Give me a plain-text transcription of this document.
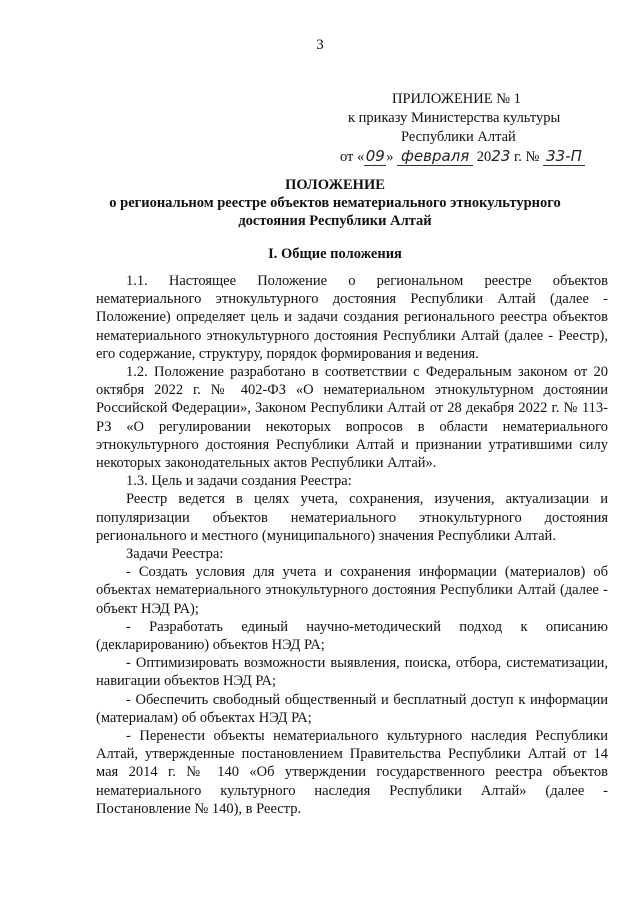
3
ПРИЛОЖЕНИЕ № 1
к приказу Министерства культуры
Республики Алтай
от «09» февраля 2023 г. № 33-П
ПОЛОЖЕНИЕ
о региональном реестре объектов нематериального этнокультурного
достояния Республики Алтай
I. Общие положения

1.1. Настоящее Положение о региональном реестре объектов нематериального этнокультурного достояния Республики Алтай (далее - Положение) определяет цель и задачи создания регионального реестра объектов нематериального этнокультурного достояния Республики Алтай (далее - Реестр), его содержание, структуру, порядок формирования и ведения.

1.2. Положение разработано в соответствии с Федеральным законом от 20 октября 2022 г. № 402-ФЗ «О нематериальном этнокультурном достоянии Российской Федерации», Законом Республики Алтай от 28 декабря 2022 г. № 113-РЗ «О регулировании некоторых вопросов в области нематериального этнокультурного достояния Республики Алтай и признании утратившими силу некоторых законодательных актов Республики Алтай».

1.3. Цель и задачи создания Реестра:

Реестр ведется в целях учета, сохранения, изучения, актуализации и популяризации объектов нематериального этнокультурного достояния регионального и местного (муниципального) значения Республики Алтай.

Задачи Реестра:

- Создать условия для учета и сохранения информации (материалов) об объектах нематериального этнокультурного достояния Республики Алтай (далее - объект НЭД РА);

- Разработать единый научно-методический подход к описанию (декларированию) объектов НЭД РА;

- Оптимизировать возможности выявления, поиска, отбора, систематизации, навигации объектов НЭД РА;

- Обеспечить свободный общественный и бесплатный доступ к информации (материалам) об объектах НЭД РА;

- Перенести объекты нематериального культурного наследия Республики Алтай, утвержденные постановлением Правительства Республики Алтай от 14 мая 2014 г. № 140 «Об утверждении государственного реестра объектов нематериального культурного наследия Республики Алтай» (далее - Постановление № 140), в Реестр.
